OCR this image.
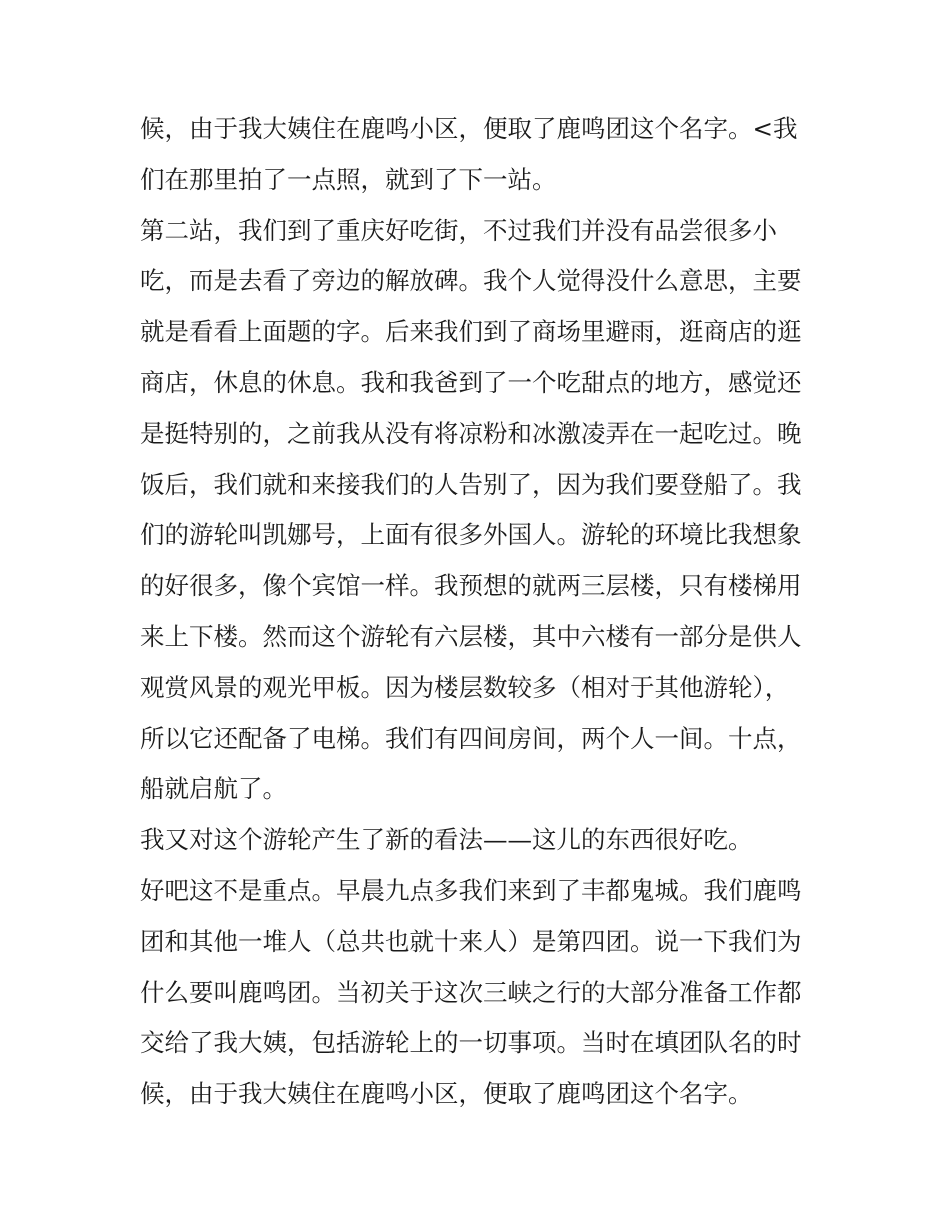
候，由于我大姨住在鹿鸣小区，便取了鹿鸣团这个名字。<我
们在那里拍了一点照，就到了下一站。
第二站，我们到了重庆好吃街，不过我们并没有品尝很多小
吃，而是去看了旁边的解放碑。我个人觉得没什么意思，主要
就是看看上面题的字。后来我们到了商场里避雨，逛商店的逛
商店，休息的休息。我和我爸到了一个吃甜点的地方，感觉还
是挺特别的，之前我从没有将凉粉和冰激凌弄在一起吃过。晚
饭后，我们就和来接我们的人告别了，因为我们要登船了。我
们的游轮叫凯娜号，上面有很多外国人。游轮的环境比我想象
的好很多，像个宾馆一样。我预想的就两三层楼，只有楼梯用
来上下楼。然而这个游轮有六层楼，其中六楼有一部分是供人
观赏风景的观光甲板。因为楼层数较多（相对于其他游轮），
所以它还配备了电梯。我们有四间房间，两个人一间。十点，
船就启航了。
我又对这个游轮产生了新的看法——这儿的东西很好吃。
好吧这不是重点。早晨九点多我们来到了丰都鬼城。我们鹿鸣
团和其他一堆人（总共也就十来人）是第四团。说一下我们为
什么要叫鹿鸣团。当初关于这次三峡之行的大部分准备工作都
交给了我大姨，包括游轮上的一切事项。当时在填团队名的时
候，由于我大姨住在鹿鸣小区，便取了鹿鸣团这个名字。
